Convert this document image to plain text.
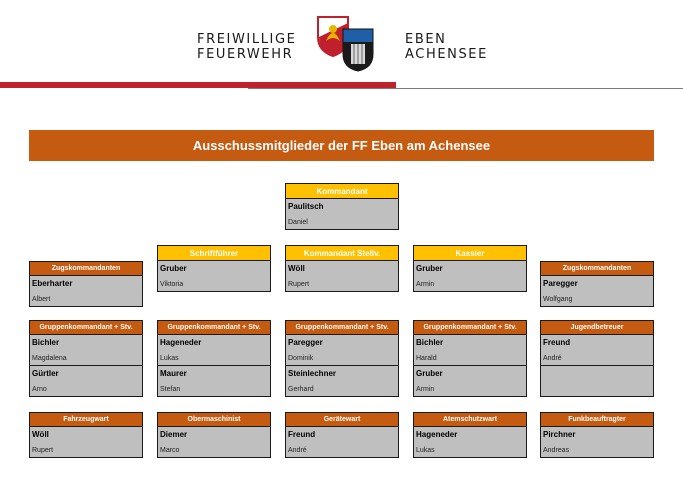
FREIWILLIGE
FEUERWEHR
EBEN
ACHENSEE
Ausschussmitglieder der FF Eben am Achensee
Kommandant
Paulitsch
Daniel
Schriftführer
Gruber
Viktoria
Kommandant Stellv.
Wöll
Rupert
Kassier
Gruber
Armin
Zugskommandanten
Eberharter
Albert
Zugskommandanten
Paregger
Wolfgang
Gruppenkommandant + Stv.
Bichler
Magdalena
Gürtler
Arno
Gruppenkommandant + Stv.
Hageneder
Lukas
Maurer
Stefan
Gruppenkommandant + Stv.
Paregger
Dominik
Steinlechner
Gerhard
Gruppenkommandant + Stv.
Bichler
Harald
Gruber
Armin
Jugendbetreuer
Freund
André
Fahrzeugwart
Wöll
Rupert
Obermaschinist
Diemer
Marco
Gerätewart
Freund
André
Atemschutzwart
Hageneder
Lukas
Funkbeauftragter
Pirchner
Andreas
